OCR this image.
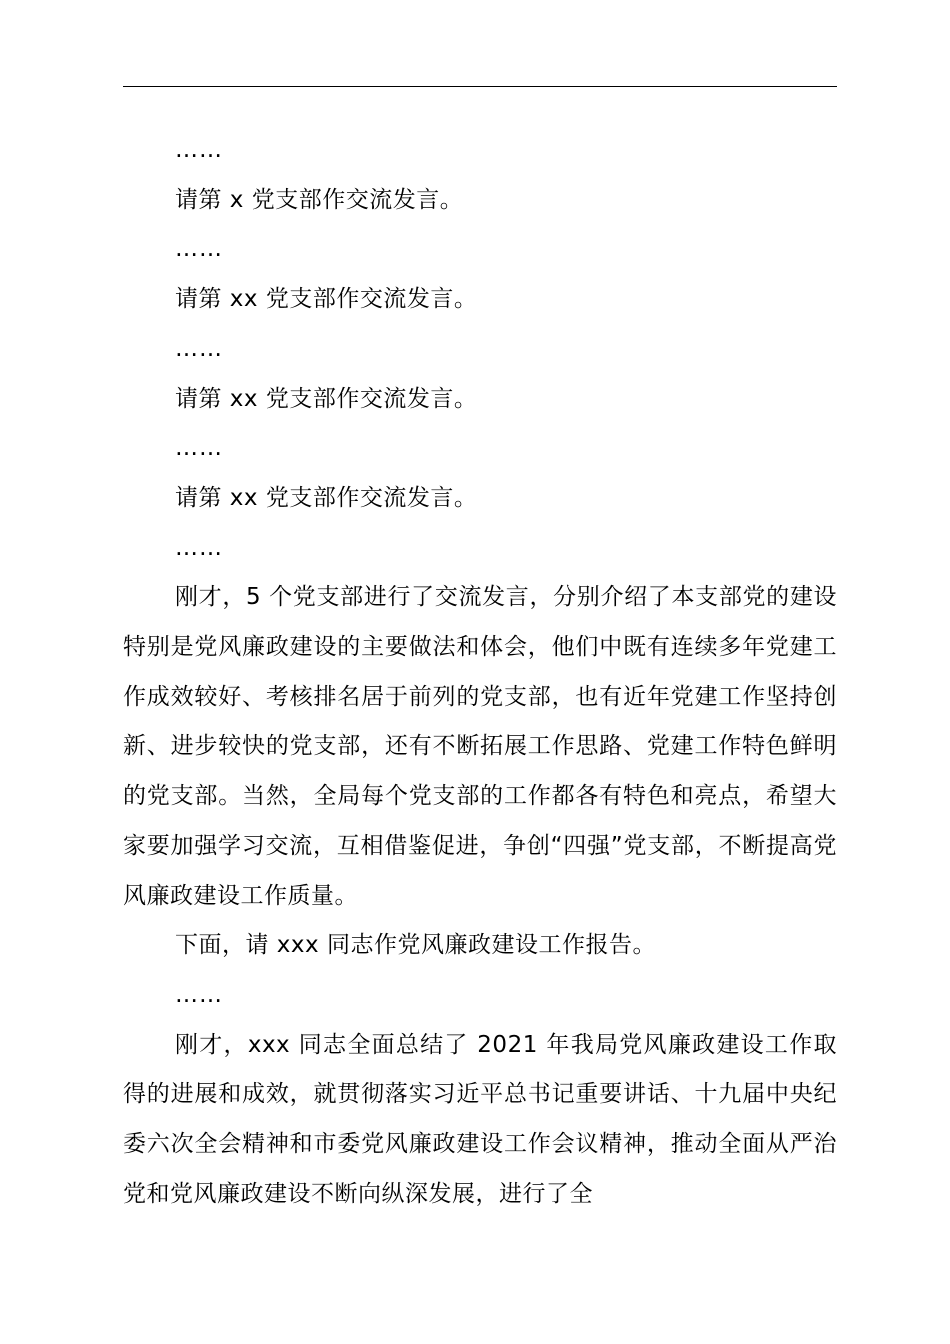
……

请第 x 党支部作交流发言。

……

请第 xx 党支部作交流发言。

……

请第 xx 党支部作交流发言。

……

请第 xx 党支部作交流发言。

……

刚才，5 个党支部进行了交流发言，分别介绍了本支部党的建设特别是党风廉政建设的主要做法和体会，他们中既有连续多年党建工作成效较好、考核排名居于前列的党支部，也有近年党建工作坚持创新、进步较快的党支部，还有不断拓展工作思路、党建工作特色鲜明的党支部。当然，全局每个党支部的工作都各有特色和亮点，希望大家要加强学习交流，互相借鉴促进，争创“四强”党支部，不断提高党风廉政建设工作质量。

下面，请 xxx 同志作党风廉政建设工作报告。

……

刚才，xxx 同志全面总结了 2021 年我局党风廉政建设工作取得的进展和成效，就贯彻落实习近平总书记重要讲话、十九届中央纪委六次全会精神和市委党风廉政建设工作会议精神，推动全面从严治党和党风廉政建设不断向纵深发展，进行了全
